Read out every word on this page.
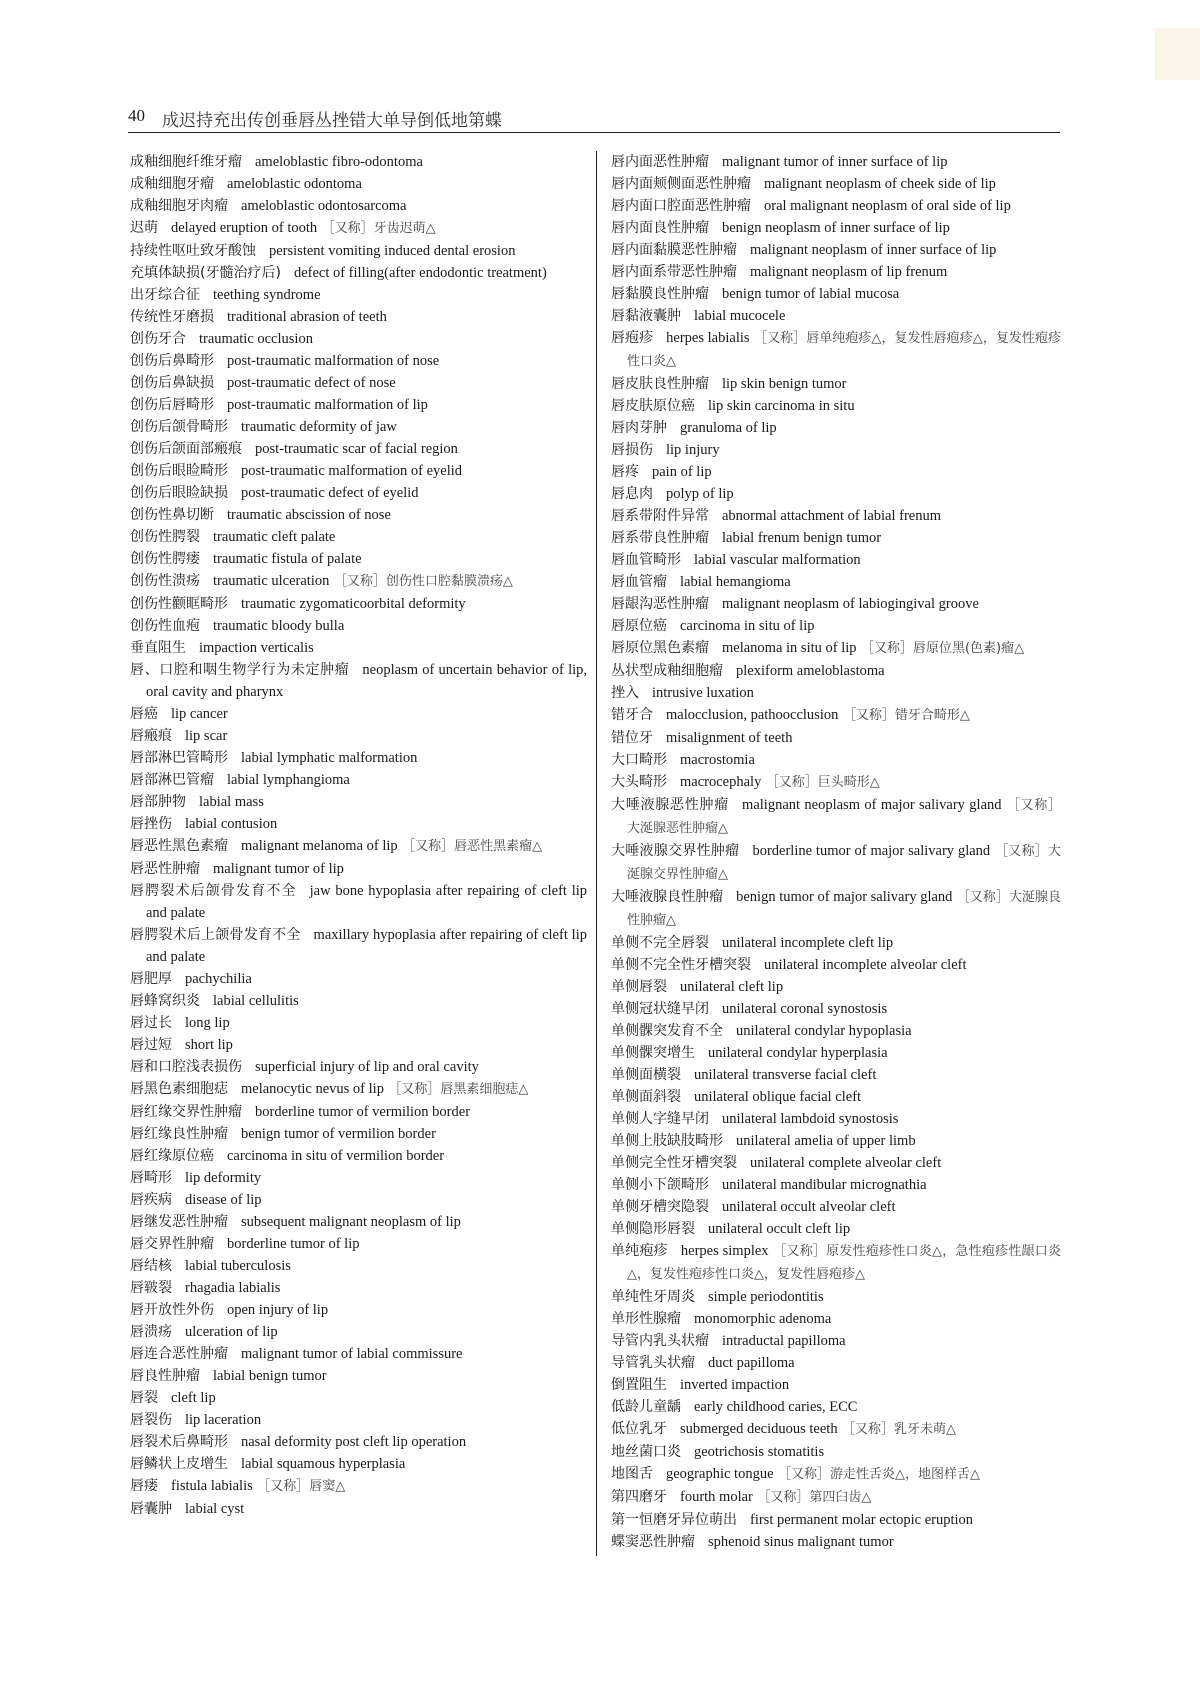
40 成迟持充出传创垂唇丛挫错大单导倒低地第蝶
成釉细胞纤维牙瘤 ameloblastic fibro-odontoma
成釉细胞牙瘤 ameloblastic odontoma
成釉细胞牙肉瘤 ameloblastic odontosarcoma
迟萌 delayed eruption of tooth ［又称］牙齿迟萌△
持续性呕吐致牙酸蚀 persistent vomiting induced dental erosion
充填体缺损(牙髓治疗后) defect of filling(after endodontic treatment)
出牙综合征 teething syndrome
传统性牙磨损 traditional abrasion of teeth
创伤牙合 traumatic occlusion
创伤后鼻畸形 post-traumatic malformation of nose
创伤后鼻缺损 post-traumatic defect of nose
创伤后唇畸形 post-traumatic malformation of lip
创伤后颌骨畸形 traumatic deformity of jaw
创伤后颌面部瘢痕 post-traumatic scar of facial region
创伤后眼睑畸形 post-traumatic malformation of eyelid
创伤后眼睑缺损 post-traumatic defect of eyelid
创伤性鼻切断 traumatic abscission of nose
创伤性腭裂 traumatic cleft palate
创伤性腭瘘 traumatic fistula of palate
创伤性溃疡 traumatic ulceration ［又称］创伤性口腔黏膜溃疡△
创伤性颧眶畸形 traumatic zygomaticoorbital deformity
创伤性血疱 traumatic bloody bulla
垂直阻生 impaction verticalis
唇、口腔和咽生物学行为未定肿瘤 neoplasm of uncertain behavior of lip, oral cavity and pharynx
唇癌 lip cancer
唇瘢痕 lip scar
唇部淋巴管畸形 labial lymphatic malformation
唇部淋巴管瘤 labial lymphangioma
唇部肿物 labial mass
唇挫伤 labial contusion
唇恶性黑色素瘤 malignant melanoma of lip ［又称］唇恶性黑素瘤△
唇恶性肿瘤 malignant tumor of lip
唇腭裂术后颌骨发育不全 jaw bone hypoplasia after repairing of cleft lip and palate
唇腭裂术后上颌骨发育不全 maxillary hypoplasia after repairing of cleft lip and palate
唇肥厚 pachychilia
唇蜂窝织炎 labial cellulitis
唇过长 long lip
唇过短 short lip
唇和口腔浅表损伤 superficial injury of lip and oral cavity
唇黑色素细胞痣 melanocytic nevus of lip ［又称］唇黑素细胞痣△
唇红缘交界性肿瘤 borderline tumor of vermilion border
唇红缘良性肿瘤 benign tumor of vermilion border
唇红缘原位癌 carcinoma in situ of vermilion border
唇畸形 lip deformity
唇疾病 disease of lip
唇继发恶性肿瘤 subsequent malignant neoplasm of lip
唇交界性肿瘤 borderline tumor of lip
唇结核 labial tuberculosis
唇皲裂 rhagadia labialis
唇开放性外伤 open injury of lip
唇溃疡 ulceration of lip
唇连合恶性肿瘤 malignant tumor of labial commissure
唇良性肿瘤 labial benign tumor
唇裂 cleft lip
唇裂伤 lip laceration
唇裂术后鼻畸形 nasal deformity post cleft lip operation
唇鳞状上皮增生 labial squamous hyperplasia
唇瘘 fistula labialis ［又称］唇窦△
唇囊肿 labial cyst
唇内面恶性肿瘤 malignant tumor of inner surface of lip
唇内面颊侧面恶性肿瘤 malignant neoplasm of cheek side of lip
唇内面口腔面恶性肿瘤 oral malignant neoplasm of oral side of lip
唇内面良性肿瘤 benign neoplasm of inner surface of lip
唇内面黏膜恶性肿瘤 malignant neoplasm of inner surface of lip
唇内面系带恶性肿瘤 malignant neoplasm of lip frenum
唇黏膜良性肿瘤 benign tumor of labial mucosa
唇黏液囊肿 labial mucocele
唇疱疹 herpes labialis ［又称］唇单纯疱疹△，复发性唇疱疹△，复发性疱疹性口炎△
唇皮肤良性肿瘤 lip skin benign tumor
唇皮肤原位癌 lip skin carcinoma in situ
唇肉芽肿 granuloma of lip
唇损伤 lip injury
唇疼 pain of lip
唇息肉 polyp of lip
唇系带附件异常 abnormal attachment of labial frenum
唇系带良性肿瘤 labial frenum benign tumor
唇血管畸形 labial vascular malformation
唇血管瘤 labial hemangioma
唇龈沟恶性肿瘤 malignant neoplasm of labiogingival groove
唇原位癌 carcinoma in situ of lip
唇原位黑色素瘤 melanoma in situ of lip ［又称］唇原位黑(色素)瘤△
丛状型成釉细胞瘤 plexiform ameloblastoma
挫入 intrusive luxation
错牙合 malocclusion, pathoocclusion ［又称］错牙合畸形△
错位牙 misalignment of teeth
大口畸形 macrostomia
大头畸形 macrocephaly ［又称］巨头畸形△
大唾液腺恶性肿瘤 malignant neoplasm of major salivary gland ［又称］大涎腺恶性肿瘤△
大唾液腺交界性肿瘤 borderline tumor of major salivary gland ［又称］大涎腺交界性肿瘤△
大唾液腺良性肿瘤 benign tumor of major salivary gland ［又称］大涎腺良性肿瘤△
单侧不完全唇裂 unilateral incomplete cleft lip
单侧不完全性牙槽突裂 unilateral incomplete alveolar cleft
单侧唇裂 unilateral cleft lip
单侧冠状缝早闭 unilateral coronal synostosis
单侧髁突发育不全 unilateral condylar hypoplasia
单侧髁突增生 unilateral condylar hyperplasia
单侧面横裂 unilateral transverse facial cleft
单侧面斜裂 unilateral oblique facial cleft
单侧人字缝早闭 unilateral lambdoid synostosis
单侧上肢缺肢畸形 unilateral amelia of upper limb
单侧完全性牙槽突裂 unilateral complete alveolar cleft
单侧小下颌畸形 unilateral mandibular micrognathia
单侧牙槽突隐裂 unilateral occult alveolar cleft
单侧隐形唇裂 unilateral occult cleft lip
单纯疱疹 herpes simplex ［又称］原发性疱疹性口炎△，急性疱疹性龈口炎△，复发性疱疹性口炎△，复发性唇疱疹△
单纯性牙周炎 simple periodontitis
单形性腺瘤 monomorphic adenoma
导管内乳头状瘤 intraductal papilloma
导管乳头状瘤 duct papilloma
倒置阻生 inverted impaction
低龄儿童龋 early childhood caries, ECC
低位乳牙 submerged deciduous teeth ［又称］乳牙未萌△
地丝菌口炎 geotrichosis stomatitis
地图舌 geographic tongue ［又称］游走性舌炎△，地图样舌△
第四磨牙 fourth molar ［又称］第四臼齿△
第一恒磨牙异位萌出 first permanent molar ectopic eruption
蝶窦恶性肿瘤 sphenoid sinus malignant tumor
